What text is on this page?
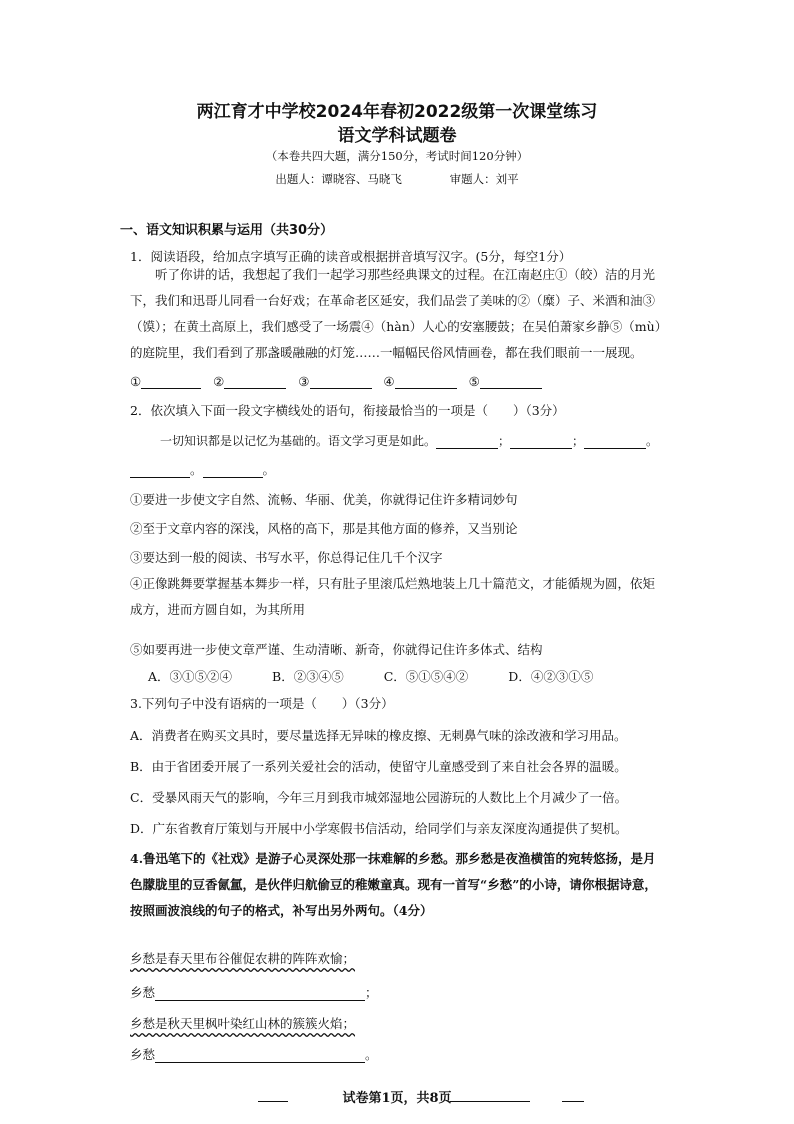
两江育才中学校2024年春初2022级第一次课堂练习
语文学科试题卷
（本卷共四大题，满分150分，考试时间120分钟）
出题人：谭晓容、马晓飞	审题人：刘平
一、语文知识积累与运用（共30分）
1．阅读语段，给加点字填写正确的读音或根据拼音填写汉字。(5分，每空1分）
听了你讲的话，我想起了我们一起学习那些经典课文的过程。在江南赵庄①（皎）洁的月光下，我们和迅哥儿同看一台好戏；在革命老区延安，我们品尝了美味的②（糜）子、米酒和油③（馍）；在黄土高原上，我们感受了一场震④（hàn）人心的安塞腰鼓；在吴伯萧家乡静⑤（mù）的庭院里，我们看到了那盏暖融融的灯笼……一幅幅民俗风情画卷，都在我们眼前一一展现。
①	②	③	④	⑤
2．依次填入下面一段文字横线处的语句，衔接最恰当的一项是（　　）（3分）
一切知识都是以记忆为基础的。语文学习更是如此。	；	；	。
。	。
①要进一步使文字自然、流畅、华丽、优美，你就得记住许多精词妙句
②至于文章内容的深浅，风格的高下，那是其他方面的修养，又当别论
③要达到一般的阅读、书写水平，你总得记住几千个汉字
④正像跳舞要掌握基本舞步一样，只有肚子里滚瓜烂熟地装上几十篇范文，才能循规为圆，依矩成方，进而方圆自如，为其所用
⑤如要再进一步使文章严谨、生动清晰、新奇，你就得记住许多体式、结构
A．③①⑤②④	B．②③④⑤	C．⑤①⑤④②	D．④②③①⑤
3.下列句子中没有语病的一项是（　　）（3分）
A．消费者在购买文具时，要尽量选择无异味的橡皮擦、无刺鼻气味的涂改液和学习用品。
B．由于省团委开展了一系列关爱社会的活动，使留守儿童感受到了来自社会各界的温暖。
C．受暴风雨天气的影响，今年三月到我市城郊湿地公园游玩的人数比上个月减少了一倍。
D．广东省教育厅策划与开展中小学寒假书信活动，给同学们与亲友深度沟通提供了契机。
4.鲁迅笔下的《社戏》是游子心灵深处那一抹难解的乡愁。那乡愁是夜渔横笛的宛转悠扬，是月色朦胧里的豆香氤氲，是伙伴归航偷豆的稚嫩童真。现有一首写“乡愁”的小诗，请你根据诗意，按照画波浪线的句子的格式，补写出另外两句。（4分）
乡愁是春天里布谷催促农耕的阵阵欢愉；
乡愁	；
乡愁是秋天里枫叶染红山林的簇簇火焰；
乡愁	。
试卷第1页，共8页
